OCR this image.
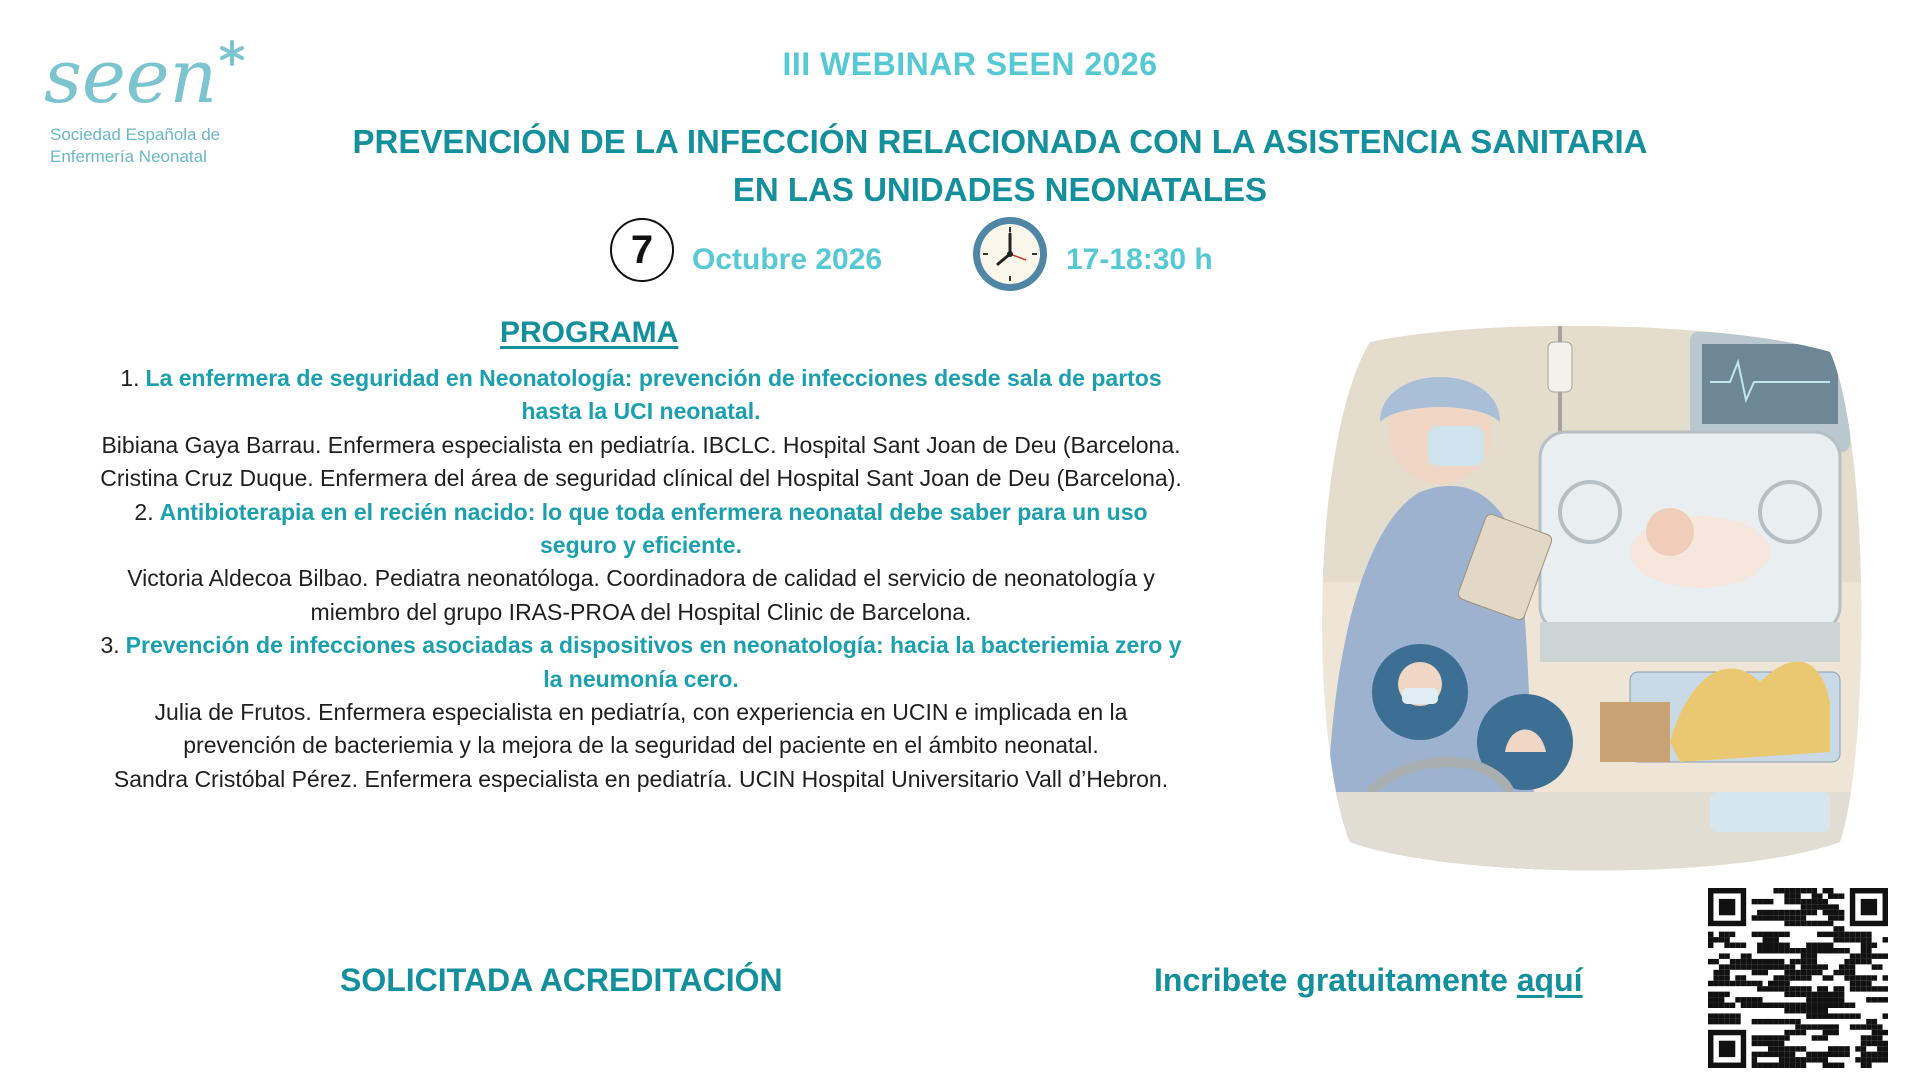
seen
Sociedad Española de
Enfermería Neonatal
III WEBINAR SEEN 2026
PREVENCIÓN DE LA INFECCIÓN RELACIONADA CON LA ASISTENCIA SANITARIA
EN LAS UNIDADES NEONATALES
7	Octubre 2026	17-18:30 h
PROGRAMA
1. La enfermera de seguridad en Neonatología: prevención de infecciones desde sala de partos hasta la UCI neonatal.
Bibiana Gaya Barrau. Enfermera especialista en pediatría. IBCLC. Hospital Sant Joan de Deu (Barcelona.
Cristina Cruz Duque. Enfermera del área de seguridad clínical del Hospital Sant Joan de Deu (Barcelona).
2. Antibioterapia en el recién nacido: lo que toda enfermera neonatal debe saber para un uso seguro y eficiente.
Victoria Aldecoa Bilbao. Pediatra neonatóloga. Coordinadora de calidad el servicio de neonatología y miembro del grupo IRAS-PROA del Hospital Clinic de Barcelona.
3. Prevención de infecciones asociadas a dispositivos en neonatología: hacia la bacteriemia zero y la neumonía cero.
Julia de Frutos. Enfermera especialista en pediatría, con experiencia en UCIN e implicada en la prevención de bacteriemia y la mejora de la seguridad del paciente en el ámbito neonatal.
Sandra Cristóbal Pérez. Enfermera especialista en pediatría. UCIN Hospital Universitario Vall d’Hebron.
SOLICITADA ACREDITACIÓN	Incribete gratuitamente aquí
